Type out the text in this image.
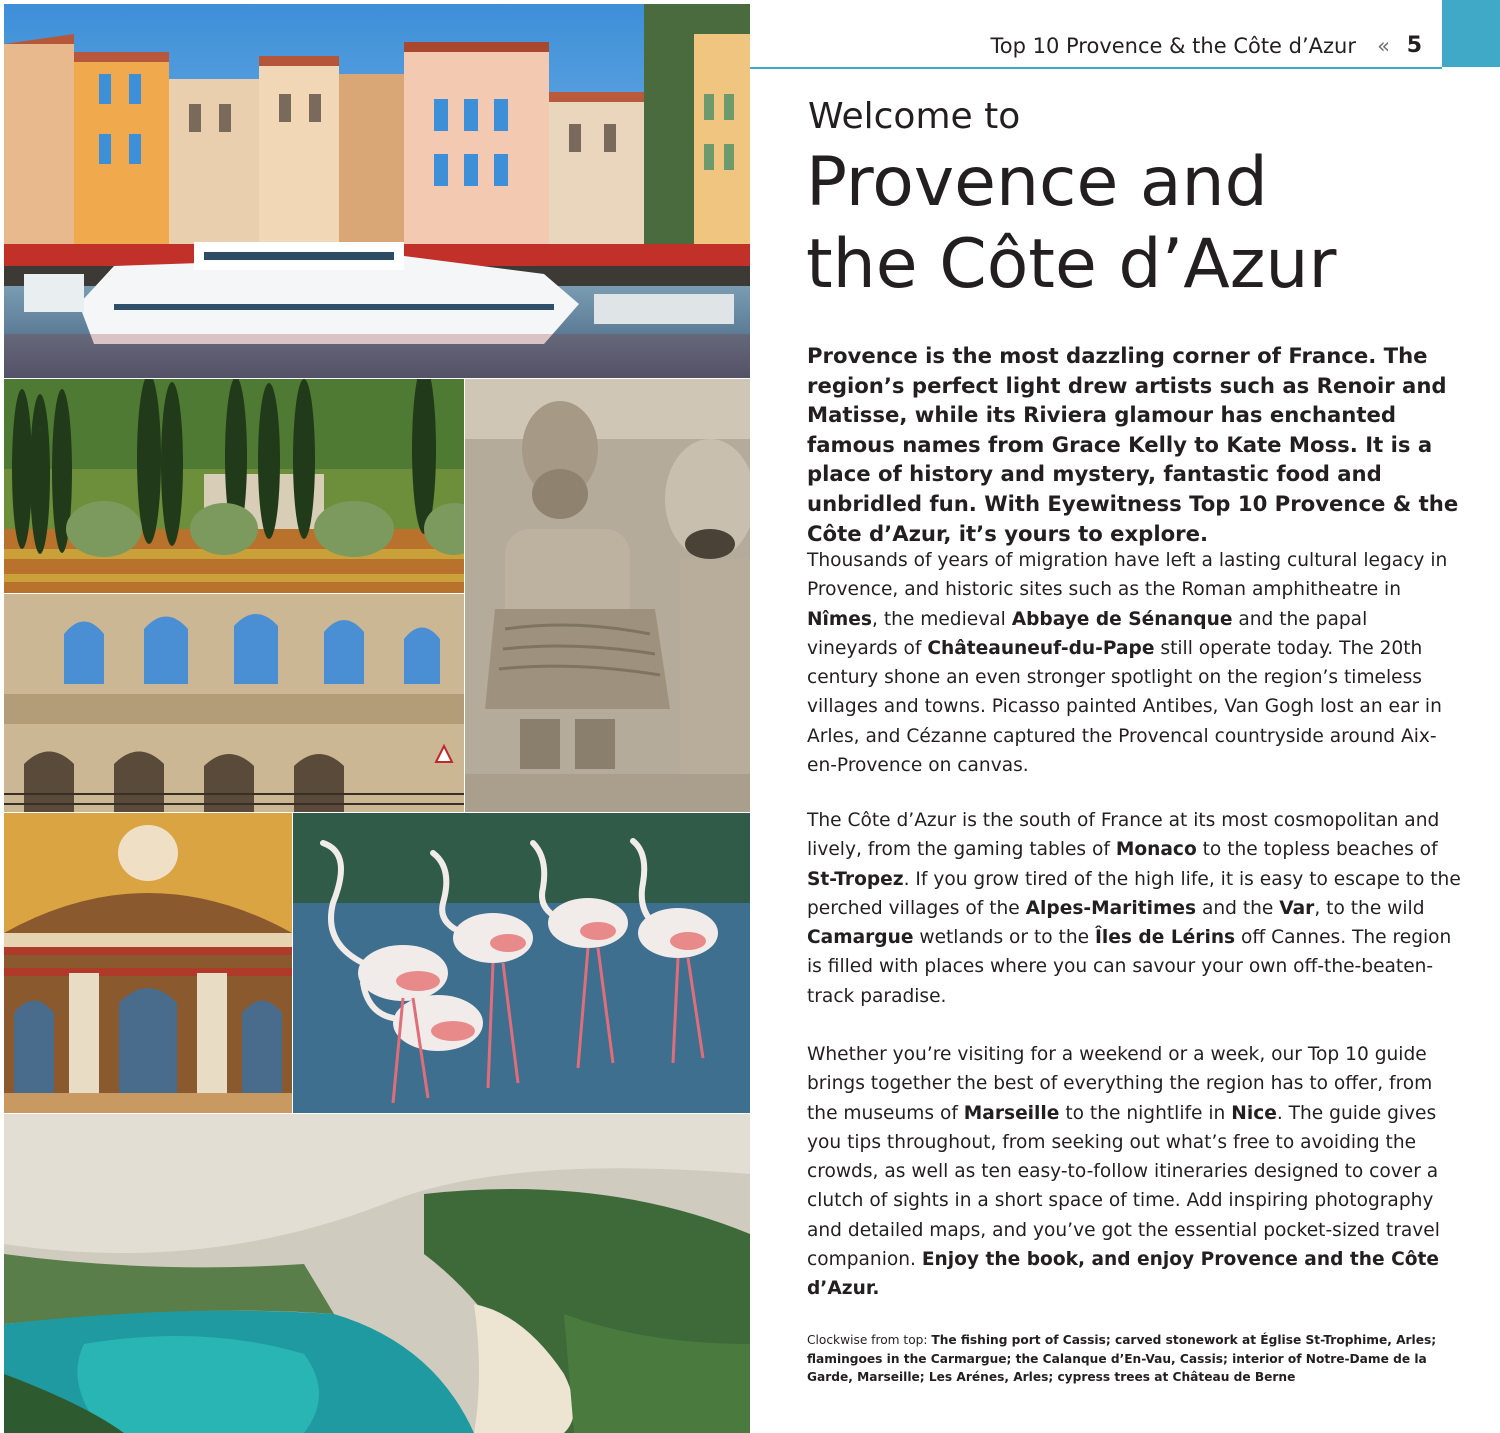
Top 10 Provence & the Côte d’Azur « 5
Welcome to
Provence and
the Côte d’Azur
Provence is the most dazzling corner of France. The region’s perfect light drew artists such as Renoir and Matisse, while its Riviera glamour has enchanted famous names from Grace Kelly to Kate Moss. It is a place of history and mystery, fantastic food and unbridled fun. With Eyewitness Top 10 Provence & the Côte d’Azur, it’s yours to explore.
Thousands of years of migration have left a lasting cultural legacy in Provence, and historic sites such as the Roman amphitheatre in Nîmes, the medieval Abbaye de Sénanque and the papal vineyards of Châteauneuf-du-Pape still operate today. The 20th century shone an even stronger spotlight on the region’s timeless villages and towns. Picasso painted Antibes, Van Gogh lost an ear in Arles, and Cézanne captured the Provencal countryside around Aix-en-Provence on canvas.
The Côte d’Azur is the south of France at its most cosmopolitan and lively, from the gaming tables of Monaco to the topless beaches of St-Tropez. If you grow tired of the high life, it is easy to escape to the perched villages of the Alpes-Maritimes and the Var, to the wild Camargue wetlands or to the Îles de Lérins off Cannes. The region is filled with places where you can savour your own off-the-beaten-track paradise.
Whether you’re visiting for a weekend or a week, our Top 10 guide brings together the best of everything the region has to offer, from the museums of Marseille to the nightlife in Nice. The guide gives you tips throughout, from seeking out what’s free to avoiding the crowds, as well as ten easy-to-follow itineraries designed to cover a clutch of sights in a short space of time. Add inspiring photography and detailed maps, and you’ve got the essential pocket-sized travel companion. Enjoy the book, and enjoy Provence and the Côte d’Azur.
Clockwise from top: The fishing port of Cassis; carved stonework at Église St-Trophime, Arles; flamingoes in the Carmargue; the Calanque d’En-Vau, Cassis; interior of Notre-Dame de la Garde, Marseille; Les Arénes, Arles; cypress trees at Château de Berne
